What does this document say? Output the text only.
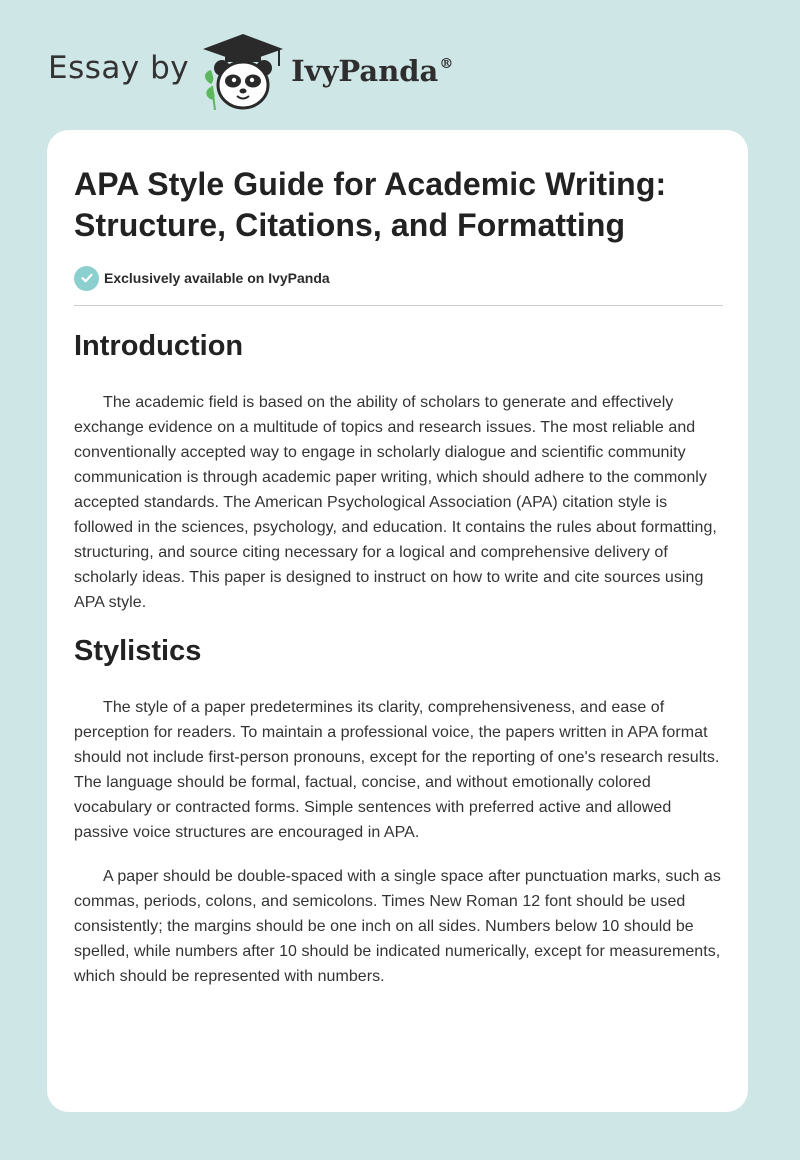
Essay by	IvyPanda®
APA Style Guide for Academic Writing: Structure, Citations, and Formatting
Exclusively available on IvyPanda
Introduction

The academic field is based on the ability of scholars to generate and effectively exchange evidence on a multitude of topics and research issues. The most reliable and conventionally accepted way to engage in scholarly dialogue and scientific community communication is through academic paper writing, which should adhere to the commonly accepted standards. The American Psychological Association (APA) citation style is followed in the sciences, psychology, and education. It contains the rules about formatting, structuring, and source citing necessary for a logical and comprehensive delivery of scholarly ideas. This paper is designed to instruct on how to write and cite sources using APA style.

Stylistics

The style of a paper predetermines its clarity, comprehensiveness, and ease of perception for readers. To maintain a professional voice, the papers written in APA format should not include first-person pronouns, except for the reporting of one's research results. The language should be formal, factual, concise, and without emotionally colored vocabulary or contracted forms. Simple sentences with preferred active and allowed passive voice structures are encouraged in APA.

A paper should be double-spaced with a single space after punctuation marks, such as commas, periods, colons, and semicolons. Times New Roman 12 font should be used consistently; the margins should be one inch on all sides. Numbers below 10 should be spelled, while numbers after 10 should be indicated numerically, except for measurements, which should be represented with numbers.
